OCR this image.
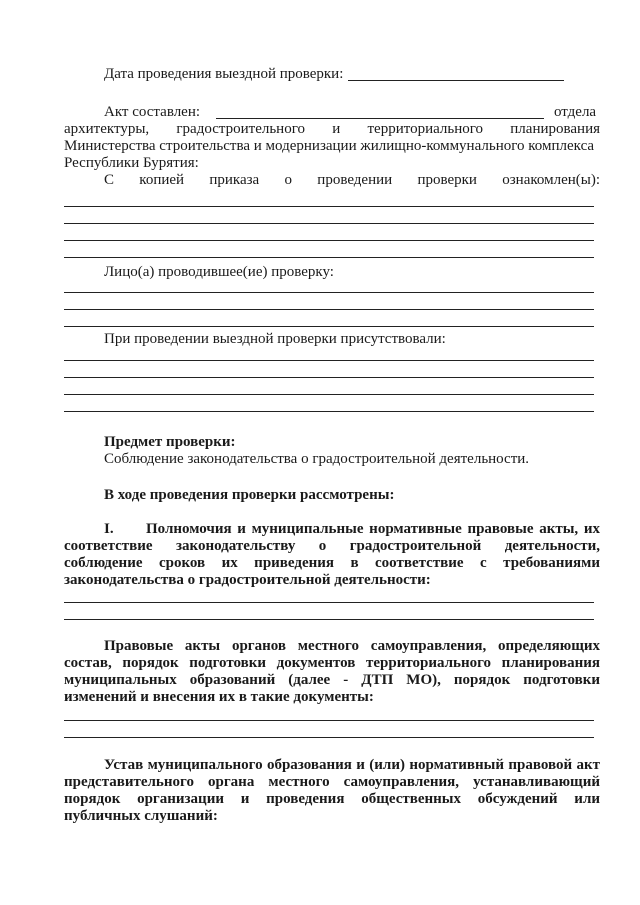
Дата проведения выездной проверки:
Акт составлен:	отдела
архитектуры, градостроительного и территориального планирования
Министерства строительства и модернизации жилищно-коммунального комплекса
Республики Бурятия:
С копией приказа о проведении проверки ознакомлен(ы):
Лицо(а) проводившее(ие) проверку:
При проведении выездной проверки присутствовали:
Предмет проверки:
Соблюдение законодательства о градостроительной деятельности.
В ходе проведения проверки рассмотрены:
I. Полномочия и муниципальные нормативные правовые акты, их
соответствие законодательству о градостроительной деятельности,
соблюдение сроков их приведения в соответствие с требованиями
законодательства о градостроительной деятельности:
Правовые акты органов местного самоуправления, определяющих
состав, порядок подготовки документов территориального планирования
муниципальных образований (далее - ДТП МО), порядок подготовки
изменений и внесения их в такие документы:
Устав муниципального образования и (или) нормативный правовой акт
представительного органа местного самоуправления, устанавливающий
порядок организации и проведения общественных обсуждений или
публичных слушаний:
